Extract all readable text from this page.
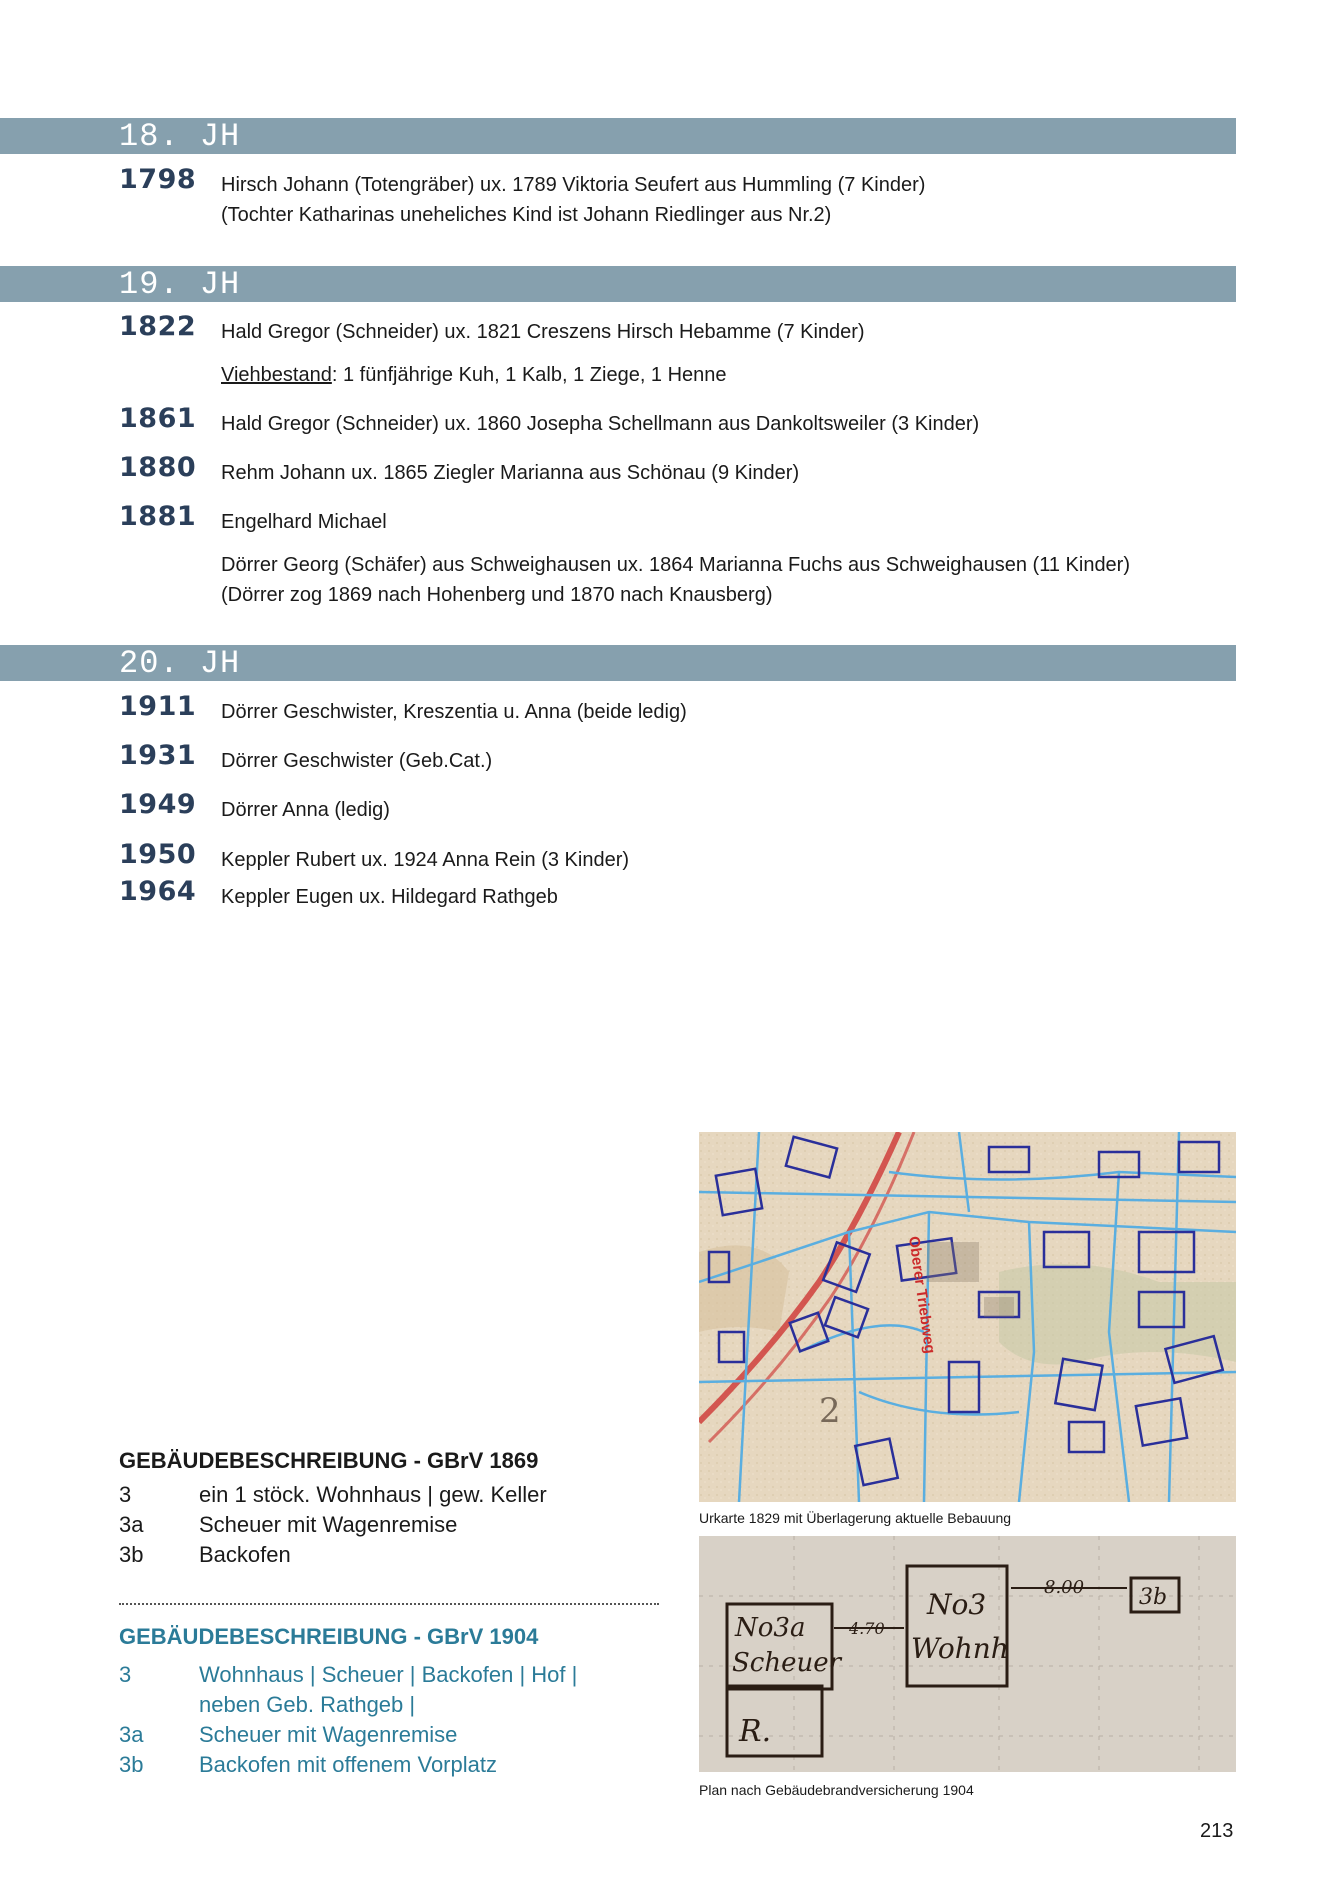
18. JH
1798 Hirsch Johann (Totengräber) ux. 1789 Viktoria Seufert aus Hummling (7 Kinder)
(Tochter Katharinas uneheliches Kind ist Johann Riedlinger aus Nr.2)
19. JH
1822 Hald Gregor (Schneider) ux. 1821 Creszens Hirsch Hebamme (7 Kinder)
Viehbestand: 1 fünfjährige Kuh, 1 Kalb, 1 Ziege, 1 Henne
1861 Hald Gregor (Schneider) ux. 1860 Josepha Schellmann aus Dankoltsweiler (3 Kinder)
1880 Rehm Johann ux. 1865 Ziegler Marianna aus Schönau (9 Kinder)
1881 Engelhard Michael
Dörrer Georg (Schäfer) aus Schweighausen ux. 1864 Marianna Fuchs aus Schweighausen (11 Kinder)
(Dörrer zog 1869 nach Hohenberg und 1870 nach Knausberg)
20. JH
1911 Dörrer Geschwister, Kreszentia u. Anna (beide ledig)
1931 Dörrer Geschwister (Geb.Cat.)
1949 Dörrer Anna (ledig)
1950 Keppler Rubert ux. 1924 Anna Rein (3 Kinder)
1964 Keppler Eugen ux. Hildegard Rathgeb
2
Oberer Triebweg
Urkarte 1829 mit Überlagerung aktuelle Bebauung
No3a
Scheuer
R.
No3
Wohnh
3b
4.70
8.00
Plan nach Gebäudebrandversicherung 1904
GEBÄUDEBESCHREIBUNG - GBrV 1869
3	ein 1 stöck. Wohnhaus | gew. Keller
3a	Scheuer mit Wagenremise
3b	Backofen
GEBÄUDEBESCHREIBUNG - GBrV 1904
3	Wohnhaus | Scheuer | Backofen | Hof |
neben Geb. Rathgeb |
3a	Scheuer mit Wagenremise
3b	Backofen mit offenem Vorplatz
213
